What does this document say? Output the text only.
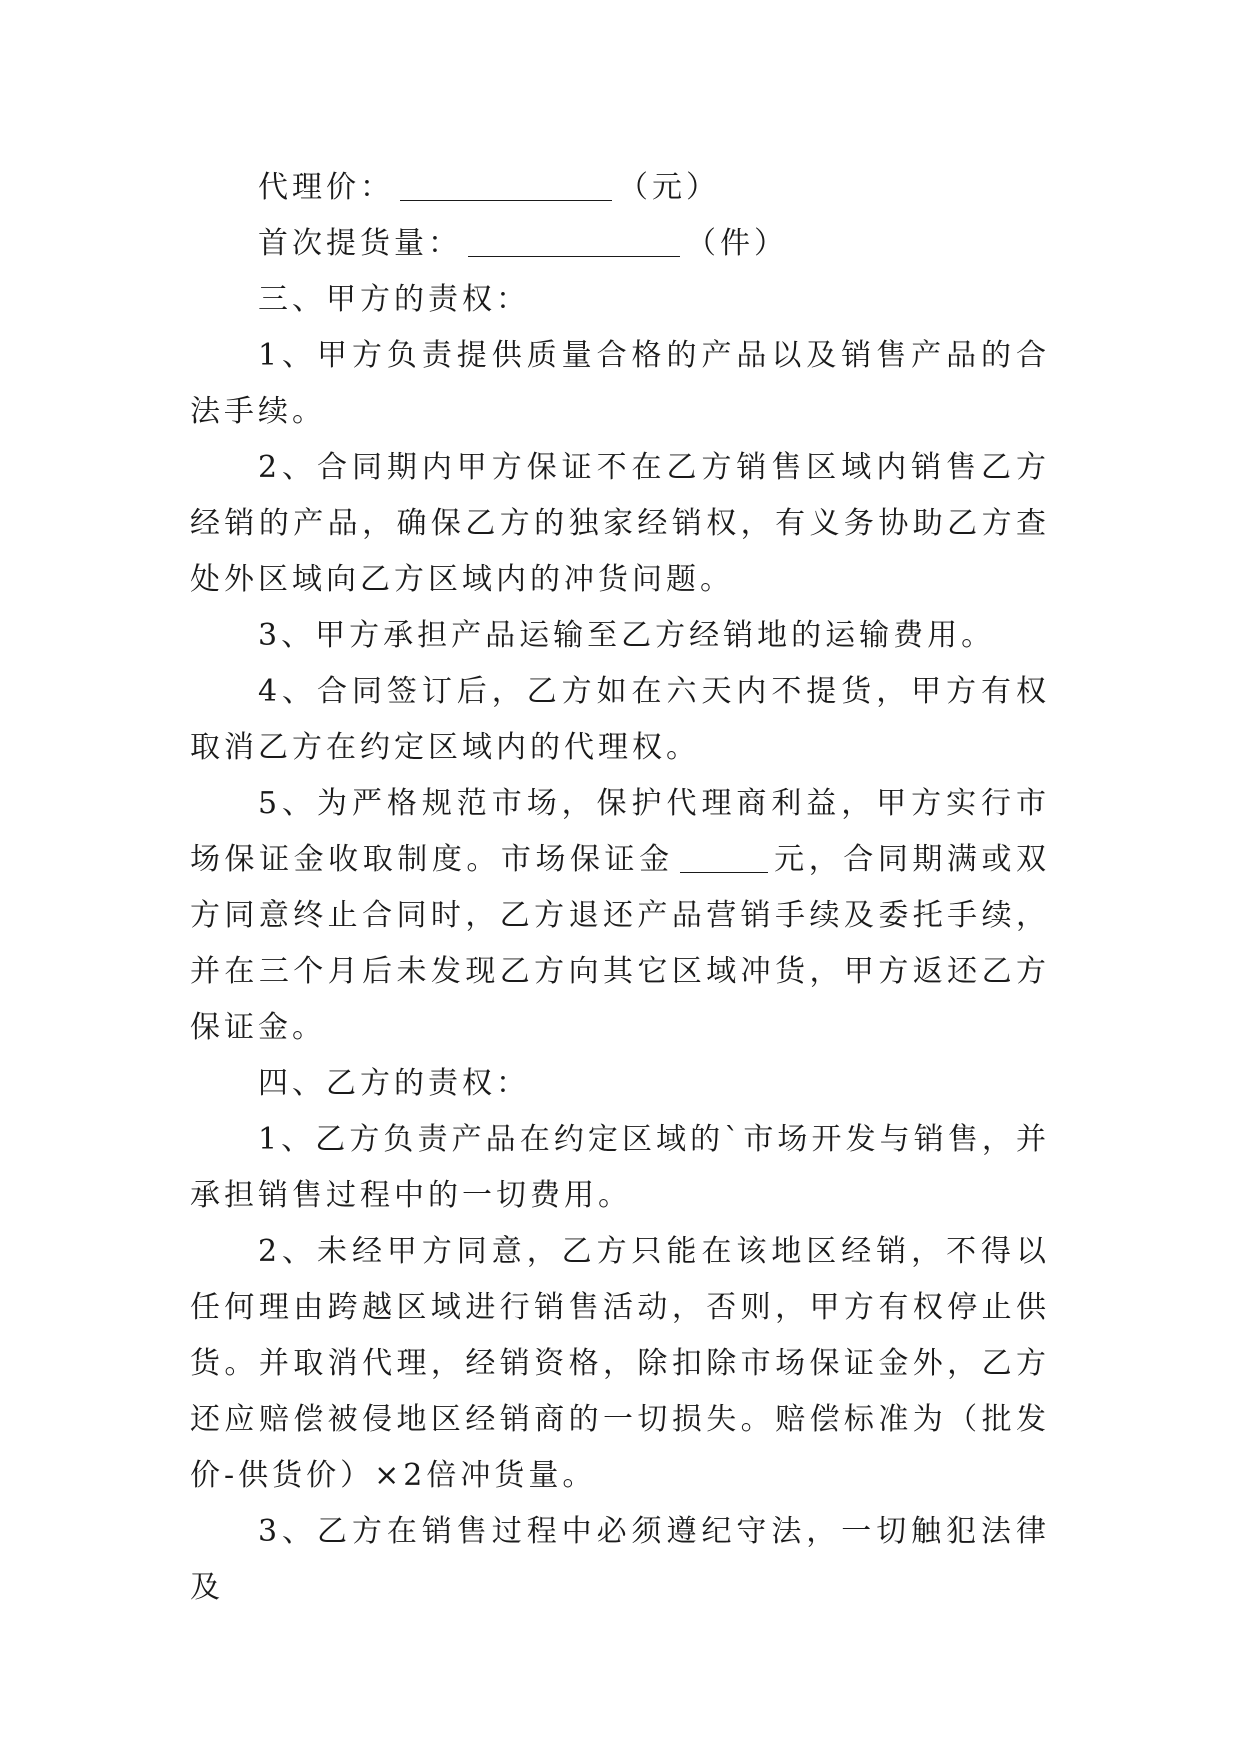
代理价：	（元）

首次提货量：	（件）

三、甲方的责权：

1、甲方负责提供质量合格的产品以及销售产品的合法手续。

2、合同期内甲方保证不在乙方销售区域内销售乙方经销的产品，确保乙方的独家经销权，有义务协助乙方查处外区域向乙方区域内的冲货问题。

3、甲方承担产品运输至乙方经销地的运输费用。

4、合同签订后，乙方如在六天内不提货，甲方有权取消乙方在约定区域内的代理权。

5、为严格规范市场，保护代理商利益，甲方实行市场保证金收取制度。市场保证金	元，合同期满或双方同意终止合同时，乙方退还产品营销手续及委托手续，并在三个月后未发现乙方向其它区域冲货，甲方返还乙方保证金。

四、乙方的责权：

1、乙方负责产品在约定区域的`市场开发与销售，并承担销售过程中的一切费用。

2、未经甲方同意，乙方只能在该地区经销，不得以任何理由跨越区域进行销售活动，否则，甲方有权停止供货。并取消代理，经销资格，除扣除市场保证金外，乙方还应赔偿被侵地区经销商的一切损失。赔偿标准为（批发价-供货价）×2倍冲货量。

3、乙方在销售过程中必须遵纪守法，一切触犯法律及
